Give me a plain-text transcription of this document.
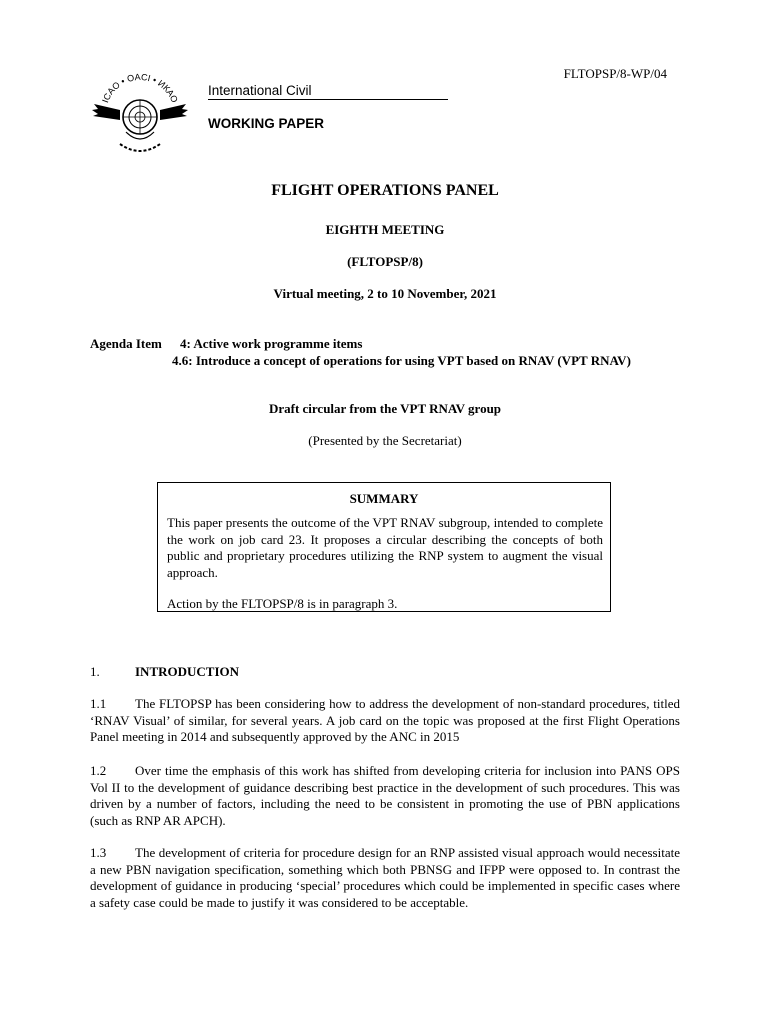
FLTOPSP/8-WP/04
ICAO • OACI • ИКАО
International Civil
WORKING PAPER
FLIGHT OPERATIONS PANEL
EIGHTH MEETING
(FLTOPSP/8)
Virtual meeting, 2 to 10 November, 2021
Agenda Item 4: Active work programme items
4.6: Introduce a concept of operations for using VPT based on RNAV (VPT RNAV)
Draft circular from the VPT RNAV group
(Presented by the Secretariat)
SUMMARY
This paper presents the outcome of the VPT RNAV subgroup, intended to complete the work on job card 23. It proposes a circular describing the concepts of both public and proprietary procedures utilizing the RNP system to augment the visual approach.
Action by the FLTOPSP/8 is in paragraph 3.
1.	INTRODUCTION
1.1 The FLTOPSP has been considering how to address the development of non-standard procedures, titled ‘RNAV Visual’ of similar, for several years. A job card on the topic was proposed at the first Flight Operations Panel meeting in 2014 and subsequently approved by the ANC in 2015
1.2 Over time the emphasis of this work has shifted from developing criteria for inclusion into PANS OPS Vol II to the development of guidance describing best practice in the development of such procedures. This was driven by a number of factors, including the need to be consistent in promoting the use of PBN applications (such as RNP AR APCH).
1.3 The development of criteria for procedure design for an RNP assisted visual approach would necessitate a new PBN navigation specification, something which both PBNSG and IFPP were opposed to. In contrast the development of guidance in producing ‘special’ procedures which could be implemented in specific cases where a safety case could be made to justify it was considered to be acceptable.
